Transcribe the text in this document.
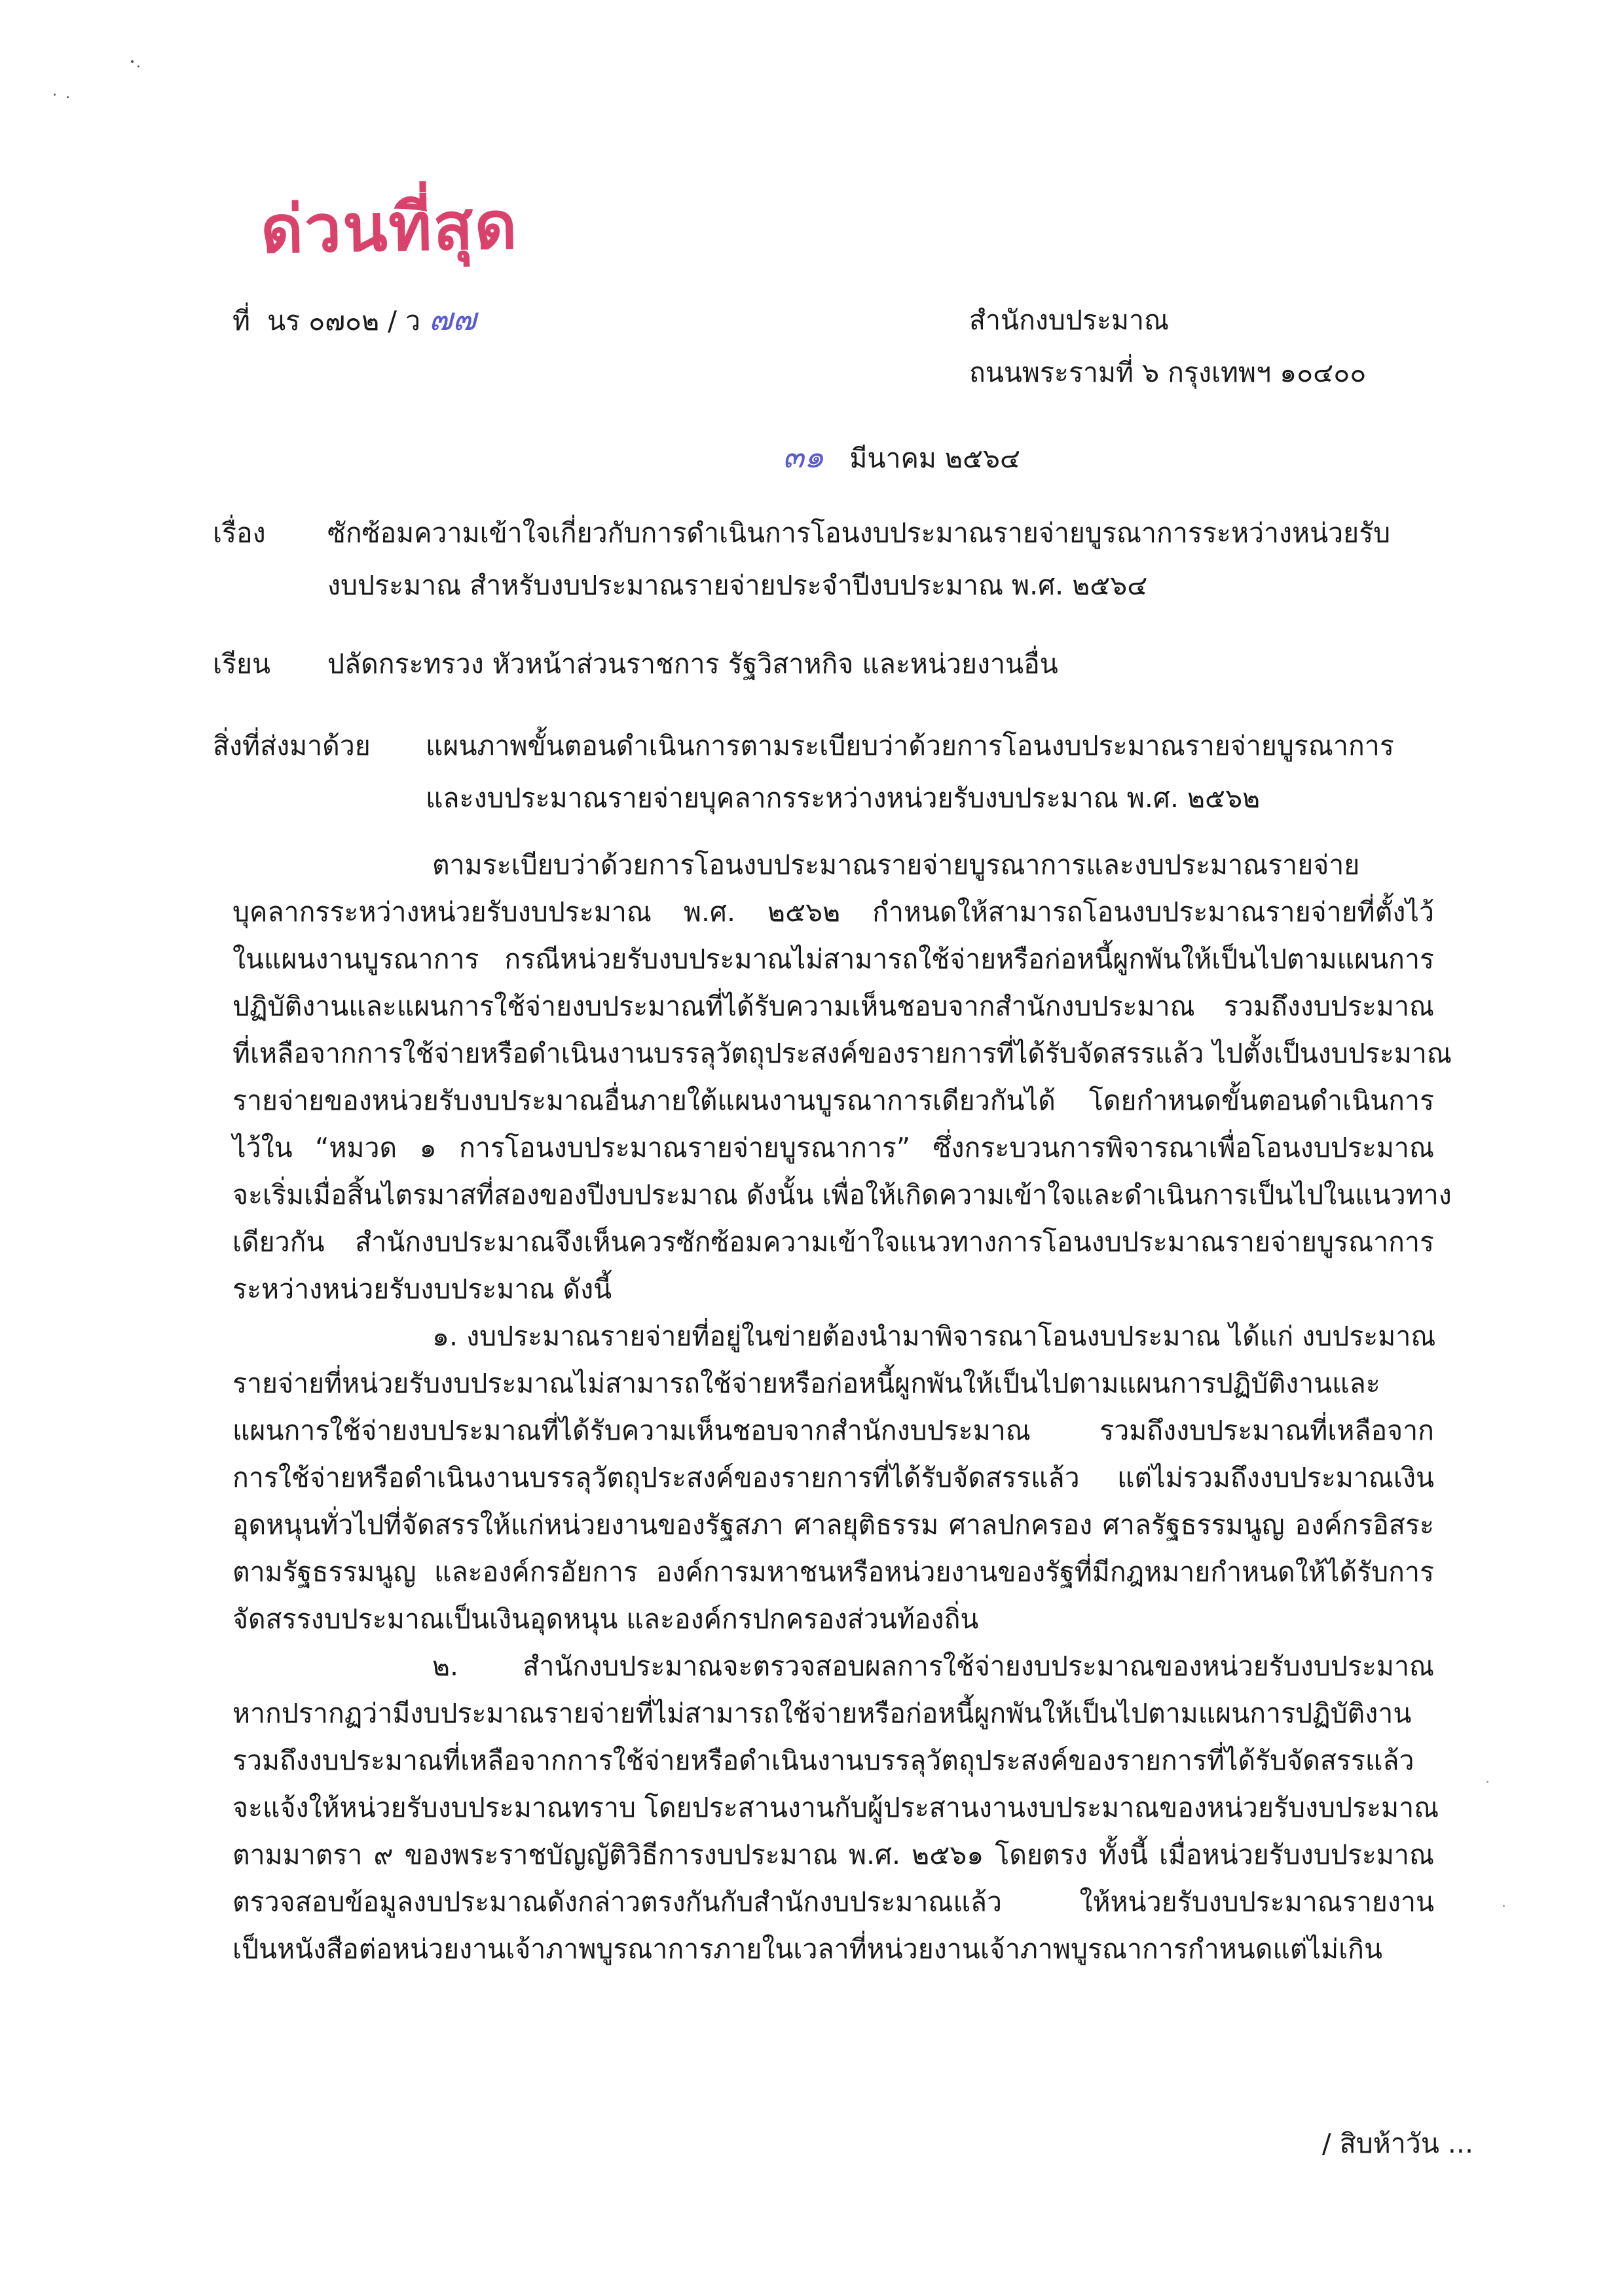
ด่วนที่สุด
ที่ นร ๐๗๐๒ / ว ๗๗	สำนักงบประมาณ
ถนนพระรามที่ ๖ กรุงเทพฯ ๑๐๔๐๐
๓๑ มีนาคม ๒๕๖๔
เรื่อง ซักซ้อมความเข้าใจเกี่ยวกับการดำเนินการโอนงบประมาณรายจ่ายบูรณาการระหว่างหน่วยรับ
งบประมาณ สำหรับงบประมาณรายจ่ายประจำปีงบประมาณ พ.ศ. ๒๕๖๔
เรียน ปลัดกระทรวง หัวหน้าส่วนราชการ รัฐวิสาหกิจ และหน่วยงานอื่น
สิ่งที่ส่งมาด้วย แผนภาพขั้นตอนดำเนินการตามระเบียบว่าด้วยการโอนงบประมาณรายจ่ายบูรณาการ
และงบประมาณรายจ่ายบุคลากรระหว่างหน่วยรับงบประมาณ พ.ศ. ๒๕๖๒
ตามระเบียบว่าด้วยการโอนงบประมาณรายจ่ายบูรณาการและงบประมาณรายจ่าย
บุคลากรระหว่างหน่วยรับงบประมาณ พ.ศ. ๒๕๖๒ กำหนดให้สามารถโอนงบประมาณรายจ่ายที่ตั้งไว้
ในแผนงานบูรณาการ กรณีหน่วยรับงบประมาณไม่สามารถใช้จ่ายหรือก่อหนี้ผูกพันให้เป็นไปตามแผนการ
ปฏิบัติงานและแผนการใช้จ่ายงบประมาณที่ได้รับความเห็นชอบจากสำนักงบประมาณ รวมถึงงบประมาณ
ที่เหลือจากการใช้จ่ายหรือดำเนินงานบรรลุวัตถุประสงค์ของรายการที่ได้รับจัดสรรแล้ว ไปตั้งเป็นงบประมาณ
รายจ่ายของหน่วยรับงบประมาณอื่นภายใต้แผนงานบูรณาการเดียวกันได้ โดยกำหนดขั้นตอนดำเนินการ
ไว้ใน “หมวด ๑ การโอนงบประมาณรายจ่ายบูรณาการ” ซึ่งกระบวนการพิจารณาเพื่อโอนงบประมาณ
จะเริ่มเมื่อสิ้นไตรมาสที่สองของปีงบประมาณ ดังนั้น เพื่อให้เกิดความเข้าใจและดำเนินการเป็นไปในแนวทาง
เดียวกัน สำนักงบประมาณจึงเห็นควรซักซ้อมความเข้าใจแนวทางการโอนงบประมาณรายจ่ายบูรณาการ
ระหว่างหน่วยรับงบประมาณ ดังนี้
๑. งบประมาณรายจ่ายที่อยู่ในข่ายต้องนำมาพิจารณาโอนงบประมาณ ได้แก่ งบประมาณ
รายจ่ายที่หน่วยรับงบประมาณไม่สามารถใช้จ่ายหรือก่อหนี้ผูกพันให้เป็นไปตามแผนการปฏิบัติงานและ
แผนการใช้จ่ายงบประมาณที่ได้รับความเห็นชอบจากสำนักงบประมาณ รวมถึงงบประมาณที่เหลือจาก
การใช้จ่ายหรือดำเนินงานบรรลุวัตถุประสงค์ของรายการที่ได้รับจัดสรรแล้ว แต่ไม่รวมถึงงบประมาณเงิน
อุดหนุนทั่วไปที่จัดสรรให้แก่หน่วยงานของรัฐสภา ศาลยุติธรรม ศาลปกครอง ศาลรัฐธรรมนูญ องค์กรอิสระ
ตามรัฐธรรมนูญ และองค์กรอัยการ องค์การมหาชนหรือหน่วยงานของรัฐที่มีกฎหมายกำหนดให้ได้รับการ
จัดสรรงบประมาณเป็นเงินอุดหนุน และองค์กรปกครองส่วนท้องถิ่น
๒. สำนักงบประมาณจะตรวจสอบผลการใช้จ่ายงบประมาณของหน่วยรับงบประมาณ
หากปรากฏว่ามีงบประมาณรายจ่ายที่ไม่สามารถใช้จ่ายหรือก่อหนี้ผูกพันให้เป็นไปตามแผนการปฏิบัติงาน
รวมถึงงบประมาณที่เหลือจากการใช้จ่ายหรือดำเนินงานบรรลุวัตถุประสงค์ของรายการที่ได้รับจัดสรรแล้ว
จะแจ้งให้หน่วยรับงบประมาณทราบ โดยประสานงานกับผู้ประสานงานงบประมาณของหน่วยรับงบประมาณ
ตามมาตรา ๙ ของพระราชบัญญัติวิธีการงบประมาณ พ.ศ. ๒๕๖๑ โดยตรง ทั้งนี้ เมื่อหน่วยรับงบประมาณ
ตรวจสอบข้อมูลงบประมาณดังกล่าวตรงกันกับสำนักงบประมาณแล้ว ให้หน่วยรับงบประมาณรายงาน
เป็นหนังสือต่อหน่วยงานเจ้าภาพบูรณาการภายในเวลาที่หน่วยงานเจ้าภาพบูรณาการกำหนดแต่ไม่เกิน
/ สิบห้าวัน ...
